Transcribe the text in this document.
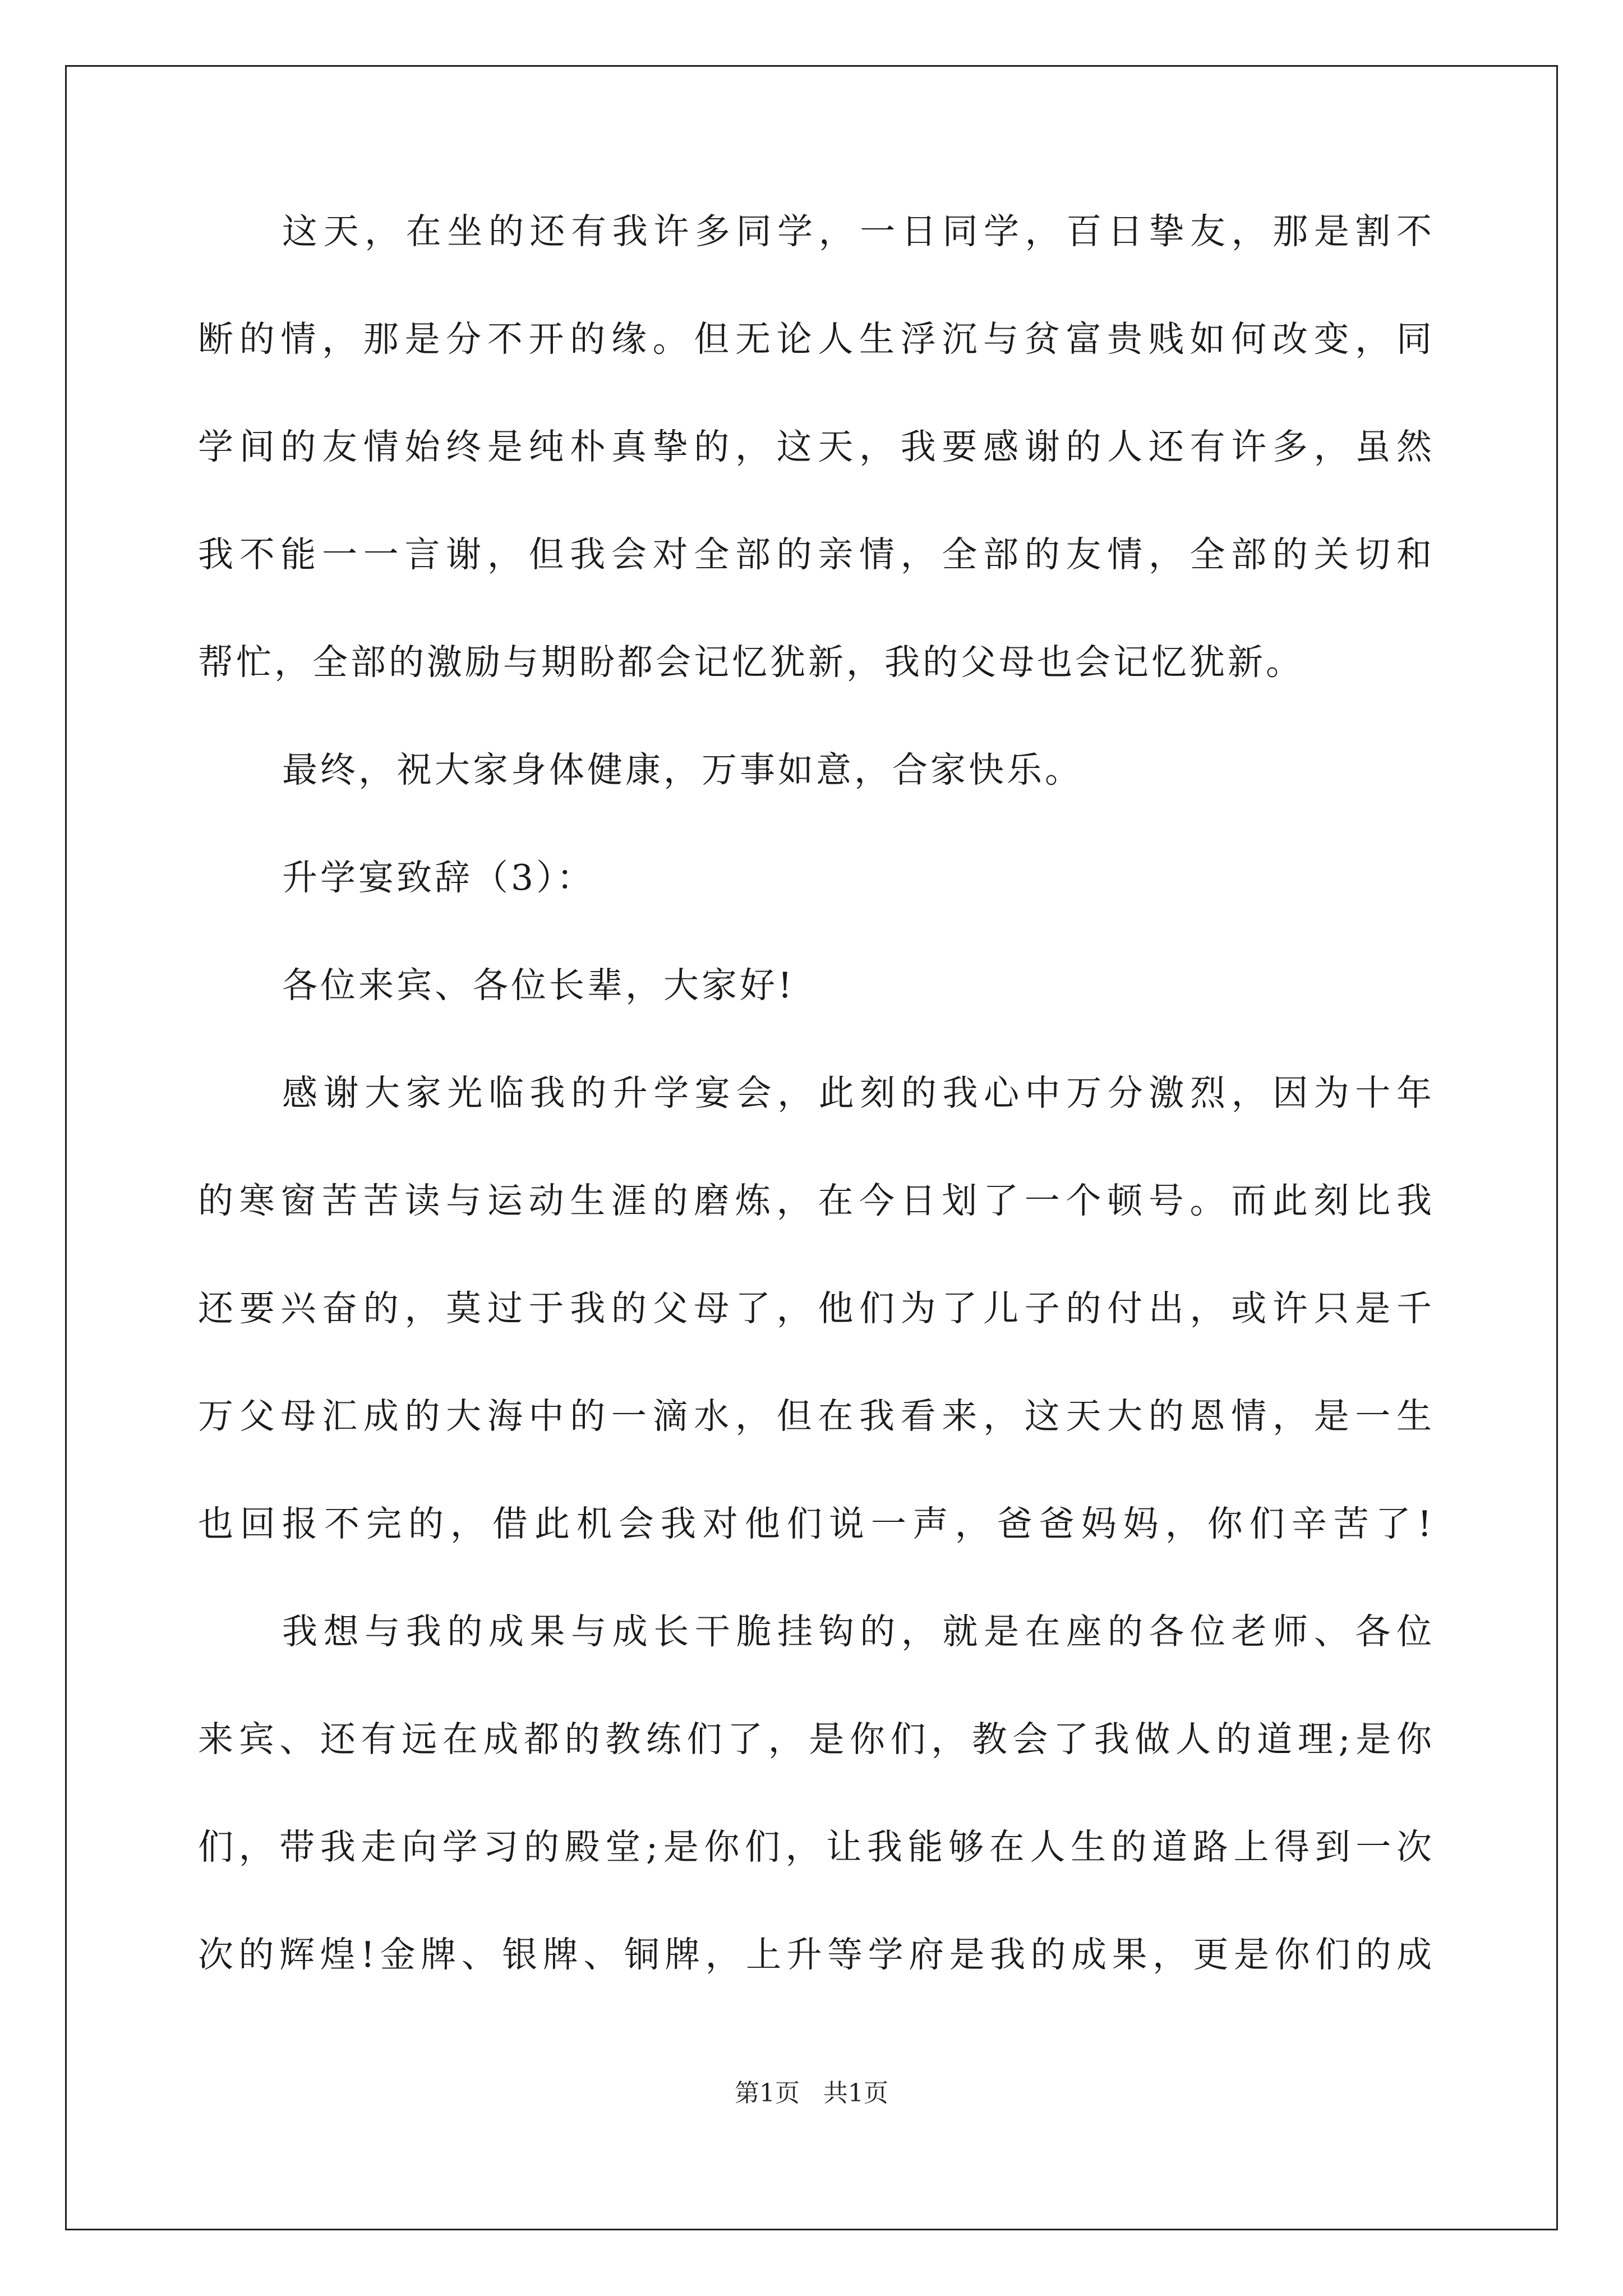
这天，在坐的还有我许多同学，一日同学，百日挚友，那是割不
断的情，那是分不开的缘。但无论人生浮沉与贫富贵贱如何改变，同
学间的友情始终是纯朴真挚的，这天，我要感谢的人还有许多，虽然
我不能一一言谢，但我会对全部的亲情，全部的友情，全部的关切和
帮忙，全部的激励与期盼都会记忆犹新，我的父母也会记忆犹新。
最终，祝大家身体健康，万事如意，合家快乐。
升学宴致辞（3）：
各位来宾、各位长辈，大家好!
感谢大家光临我的升学宴会，此刻的我心中万分激烈，因为十年
的寒窗苦苦读与运动生涯的磨炼，在今日划了一个顿号。而此刻比我
还要兴奋的，莫过于我的父母了，他们为了儿子的付出，或许只是千
万父母汇成的大海中的一滴水，但在我看来，这天大的恩情，是一生
也回报不完的，借此机会我对他们说一声，爸爸妈妈，你们辛苦了!
我想与我的成果与成长干脆挂钩的，就是在座的各位老师、各位
来宾、还有远在成都的教练们了，是你们，教会了我做人的道理;是你
们，带我走向学习的殿堂;是你们，让我能够在人生的道路上得到一次
次的辉煌!金牌、银牌、铜牌，上升等学府是我的成果，更是你们的成
第1页   共1页
